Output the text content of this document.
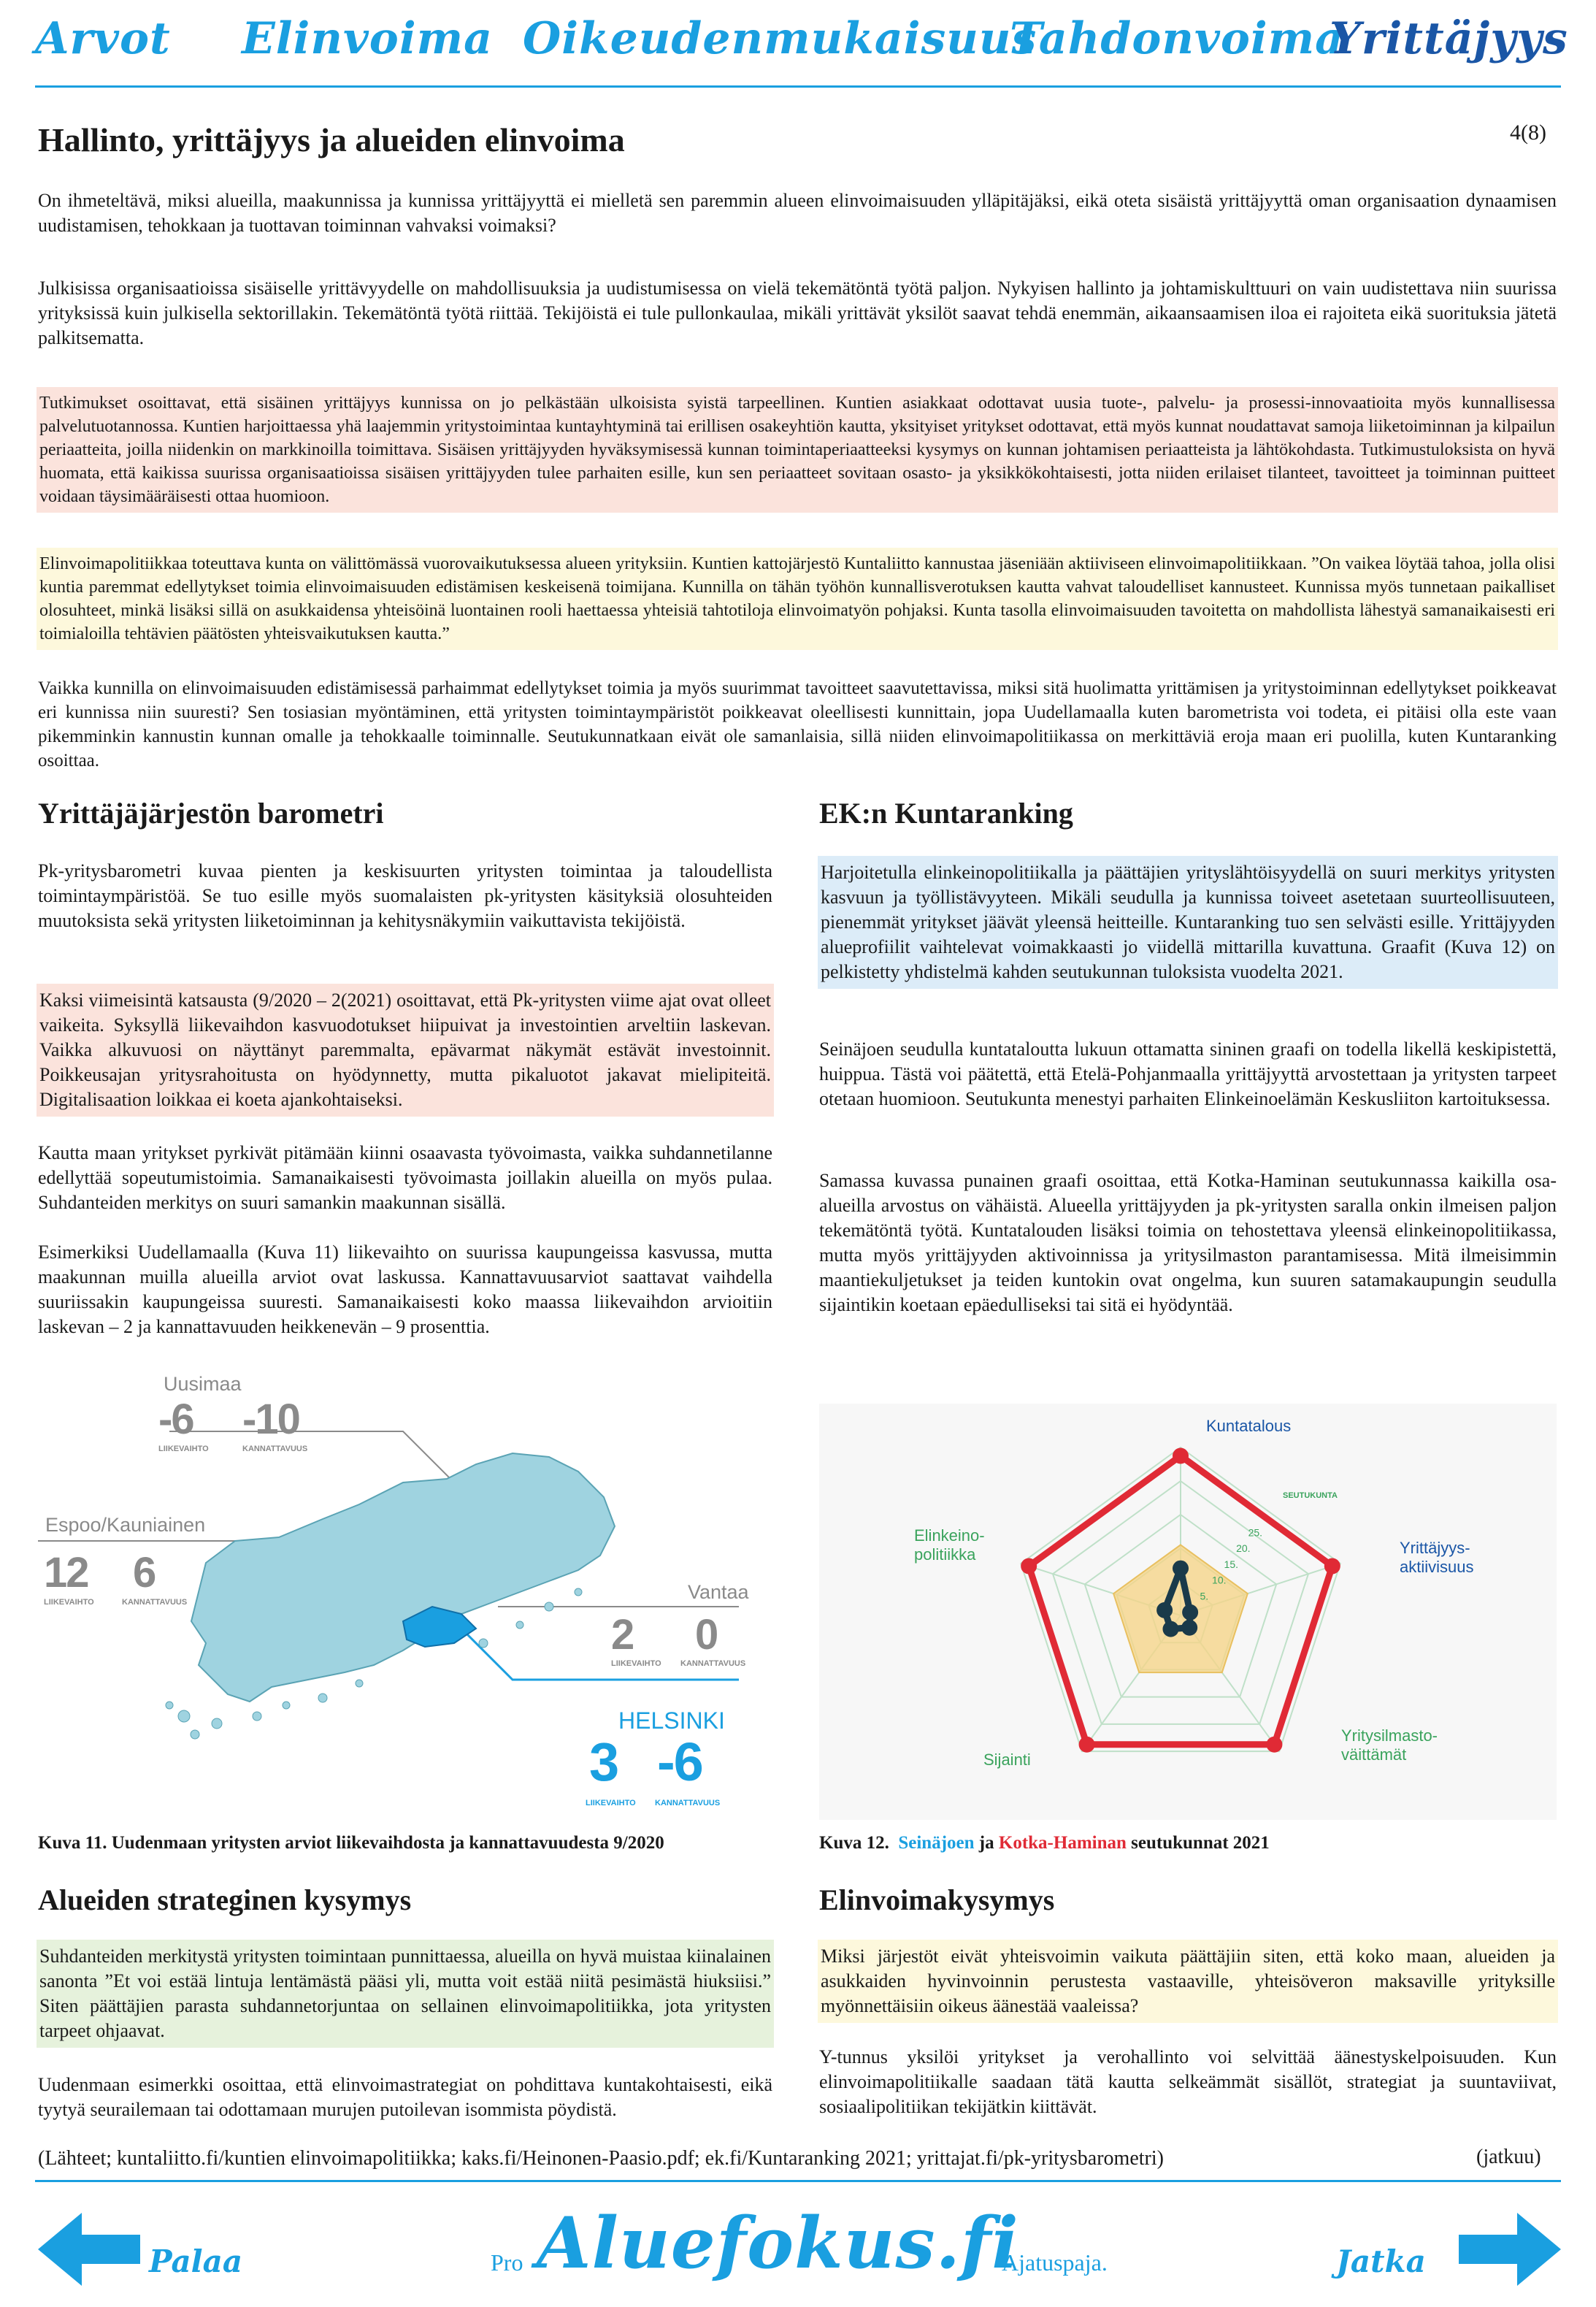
Arvot Elinvoima Oikeudenmukaisuus
Tahdonvoima
Yrittäjyys
Hallinto, yrittäjyys ja alueiden elinvoima	4(8)

On ihmeteltävä, miksi alueilla, maakunnissa ja kunnissa yrittäjyyttä ei mielletä sen paremmin alueen elinvoimaisuuden ylläpitäjäksi, eikä oteta sisäistä yrittäjyyttä oman organisaation dynaamisen uudistamisen, tehokkaan ja tuottavan toiminnan vahvaksi voimaksi?

Julkisissa organisaatioissa sisäiselle yrittävyydelle on mahdollisuuksia ja uudistumisessa on vielä tekemätöntä työtä paljon. Nykyisen hallinto ja johtamiskulttuuri on vain uudistettava niin suurissa yrityksissä kuin julkisella sektorillakin. Tekemätöntä työtä riittää. Tekijöistä ei tule pullonkaulaa, mikäli yrittävät yksilöt saavat tehdä enemmän, aikaansaamisen iloa ei rajoiteta eikä suorituksia jätetä palkitsematta.

Tutkimukset osoittavat, että sisäinen yrittäjyys kunnissa on jo pelkästään ulkoisista syistä tarpeellinen. Kuntien asiakkaat odottavat uusia tuote-, palvelu- ja prosessi-innovaatioita myös kunnallisessa palvelutuotannossa. Kuntien harjoittaessa yhä laajemmin yritystoimintaa kuntayhtyminä tai erillisen osakeyhtiön kautta, yksityiset yritykset odottavat, että myös kunnat noudattavat samoja liiketoiminnan ja kilpailun periaatteita, joilla niidenkin on markkinoilla toimittava. Sisäisen yrittäjyyden hyväksymisessä kunnan toimintaperiaatteeksi kysymys on kunnan johtamisen periaatteista ja lähtökohdasta. Tutkimustuloksista on hyvä huomata, että kaikissa suurissa organisaatioissa sisäisen yrittäjyyden tulee parhaiten esille, kun sen periaatteet sovitaan osasto- ja yksikkökohtaisesti, jotta niiden erilaiset tilanteet, tavoitteet ja toiminnan puitteet voidaan täysimääräisesti ottaa huomioon.

Elinvoimapolitiikkaa toteuttava kunta on välittömässä vuorovaikutuksessa alueen yrityksiin. Kuntien kattojärjestö Kuntaliitto kannustaa jäseniään aktiiviseen elinvoimapolitiikkaan. ”On vaikea löytää tahoa, jolla olisi kuntia paremmat edellytykset toimia elinvoimaisuuden edistämisen keskeisenä toimijana. Kunnilla on tähän työhön kunnallisverotuksen kautta vahvat taloudelliset kannusteet. Kunnissa myös tunnetaan paikalliset olosuhteet, minkä lisäksi sillä on asukkaidensa yhteisöinä luontainen rooli haettaessa yhteisiä tahtotiloja elinvoimatyön pohjaksi. Kunta tasolla elinvoimaisuuden tavoitetta on mahdollista lähestyä samanaikaisesti eri toimialoilla tehtävien päätösten yhteisvaikutuksen kautta.”

Vaikka kunnilla on elinvoimaisuuden edistämisessä parhaimmat edellytykset toimia ja myös suurimmat tavoitteet saavutettavissa, miksi sitä huolimatta yrittämisen ja yritystoiminnan edellytykset poikkeavat eri kunnissa niin suuresti? Sen tosiasian myöntäminen, että yritysten toimintaympäristöt poikkeavat oleellisesti kunnittain, jopa Uudellamaalla kuten barometrista voi todeta, ei pitäisi olla este vaan pikemminkin kannustin kunnan omalle ja tehokkaalle toiminnalle. Seutukunnatkaan eivät ole samanlaisia, sillä niiden elinvoimapolitiikassa on merkittäviä eroja maan eri puolilla, kuten Kuntaranking osoittaa.

Yrittäjäjärjestön barometri

Pk-yritysbarometri kuvaa pienten ja keskisuurten yritysten toimintaa ja taloudellista toimintaympäristöä. Se tuo esille myös suomalaisten pk-yritysten käsityksiä olosuhteiden muutoksista sekä yritysten liiketoiminnan ja kehitysnäkymiin vaikuttavista tekijöistä.

Kaksi viimeisintä katsausta (9/2020 – 2(2021) osoittavat, että Pk-yritysten viime ajat ovat olleet vaikeita. Syksyllä liikevaihdon kasvuodotukset hiipuivat ja investointien arveltiin laskevan. Vaikka alkuvuosi on näyttänyt paremmalta, epävarmat näkymät estävät investoinnit. Poikkeusajan yritysrahoitusta on hyödynnetty, mutta pikaluotot jakavat mielipiteitä. Digitalisaation loikkaa ei koeta ajankohtaiseksi.

Kautta maan yritykset pyrkivät pitämään kiinni osaavasta työvoimasta, vaikka suhdannetilanne edellyttää sopeutumistoimia. Samanaikaisesti työvoimasta joillakin alueilla on myös pulaa. Suhdanteiden merkitys on suuri samankin maakunnan sisällä.

Esimerkiksi Uudellamaalla (Kuva 11) liikevaihto on suurissa kaupungeissa kasvussa, mutta maakunnan muilla alueilla arviot ovat laskussa. Kannattavuusarviot saattavat vaihdella suuriissakin kaupungeissa suuresti. Samanaikaisesti koko maassa liikevaihdon arvioitiin laskevan – 2 ja kannattavuuden heikkenevän – 9 prosenttia.

EK:n Kuntaranking

Harjoitetulla elinkeinopolitiikalla ja päättäjien yrityslähtöisyydellä on suuri merkitys yritysten kasvuun ja työllistävyyteen. Mikäli seudulla ja kunnissa toiveet asetetaan suurteollisuuteen, pienemmät yritykset jäävät yleensä heitteille. Kuntaranking tuo sen selvästi esille. Yrittäjyyden alueprofiilit vaihtelevat voimakkaasti jo viidellä mittarilla kuvattuna. Graafit (Kuva 12) on pelkistetty yhdistelmä kahden seutukunnan tuloksista vuodelta 2021.

Seinäjoen seudulla kuntataloutta lukuun ottamatta sininen graafi on todella likellä keskipistettä, huippua. Tästä voi päätettä, että Etelä-Pohjanmaalla yrittäjyyttä arvostettaan ja yritysten tarpeet otetaan huomioon. Seutukunta menestyi parhaiten Elinkeinoelämän Keskusliiton kartoituksessa.

Samassa kuvassa punainen graafi osoittaa, että Kotka-Haminan seutukunnassa kaikilla osa-alueilla arvostus on vähäistä. Alueella yrittäjyyden ja pk-yritysten saralla onkin ilmeisen paljon tekemätöntä työtä. Kuntatalouden lisäksi toimia on tehostettava yleensä elinkeinopolitiikassa, mutta myös yrittäjyyden aktivoinnissa ja yritysilmaston parantamisessa. Mitä ilmeisimmin maantiekuljetukset ja teiden kuntokin ovat ongelma, kun suuren satamakaupungin seudulla sijaintikin koetaan epäedulliseksi tai sitä ei hyödyntää.

Uusimaa
-6 -10
LIIKEVAIHTO	KANNATTAVUUS
Espoo/Kauniainen
12 6
LIIKEVAIHTO	KANNATTAVUUS	Vantaa
2 0
LIIKEVAIHTO KANNATTAVUUS
HELSINKI
3 -6
LIIKEVAIHTO KANNATTAVUUS
Kuva 11. Uudenmaan yritysten arviot liikevaihdosta ja kannattavuudesta 9/2020
25.
20.
15.
10.
5.
Kuntatalous
Yrittäjyys-
aktiivisuus
Yritysilmasto-
väittämät
Sijainti
Elinkeino-
politiikka
SEUTUKUNTA
Kuva 12. Seinäjoen ja Kotka-Haminan seutukunnat 2021
Alueiden strateginen kysymys

Suhdanteiden merkitystä yritysten toimintaan punnittaessa, alueilla on hyvä muistaa kiinalainen sanonta ”Et voi estää lintuja lentämästä pääsi yli, mutta voit estää niitä pesimästä hiuksiisi.” Siten päättäjien parasta suhdannetorjuntaa on sellainen elinvoimapolitiikka, jota yritysten tarpeet ohjaavat.

Uudenmaan esimerkki osoittaa, että elinvoimastrategiat on pohdittava kuntakohtaisesti, eikä tyytyä seurailemaan tai odottamaan murujen putoilevan isommista pöydistä.

Elinvoimakysymys

Miksi järjestöt eivät yhteisvoimin vaikuta päättäjiin siten, että koko maan, alueiden ja asukkaiden hyvinvoinnin perustesta vastaaville, yhteisöveron maksaville yrityksille myönnettäisiin oikeus äänestää vaaleissa?

Y-tunnus yksilöi yritykset ja verohallinto voi selvittää äänestyskelpoisuuden. Kun elinvoimapolitiikalle saadaan tätä kautta selkeämmät sisällöt, strategiat ja suuntaviivat, sosiaalipolitiikan tekijätkin kiittävät.

(Lähteet; kuntaliitto.fi/kuntien elinvoimapolitiikka; kaks.fi/Heinonen-Paasio.pdf; ek.fi/Kuntaranking 2021; yrittajat.fi/pk-yritysbarometri)	(jatkuu)
Palaa	Pro Aluefokus.fi
Ajatuspaja.	Jatka
